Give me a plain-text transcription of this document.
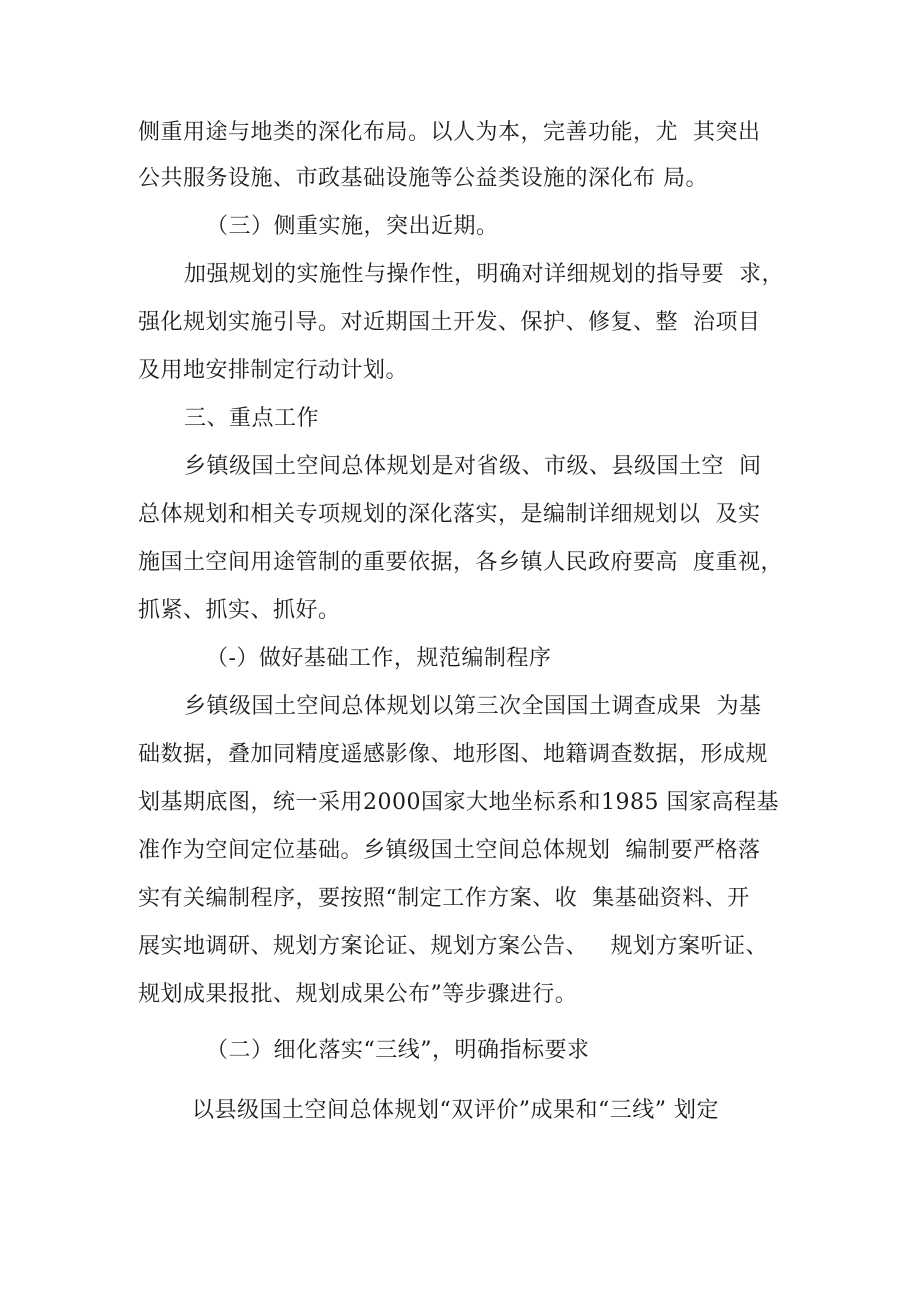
侧重用途与地类的深化布局。以人为本，完善功能，尤  其突出

公共服务设施、市政基础设施等公益类设施的深化布 局。

（三）侧重实施，突出近期。

加强规划的实施性与操作性，明确对详细规划的指导要  求，

强化规划实施引导。对近期国土开发、保护、修复、整  治项目

及用地安排制定行动计划。

三、重点工作

乡镇级国土空间总体规划是对省级、市级、县级国土空  间

总体规划和相关专项规划的深化落实，是编制详细规划以  及实

施国土空间用途管制的重要依据，各乡镇人民政府要高  度重视，

抓紧、抓实、抓好。

（-）做好基础工作，规范编制程序

乡镇级国土空间总体规划以第三次全国国土调查成果  为基

础数据，叠加同精度遥感影像、地形图、地籍调查数据，形成规

划基期底图，统一采用2000国家大地坐标系和1985 国家高程基

准作为空间定位基础。乡镇级国土空间总体规划  编制要严格落

实有关编制程序，要按照“制定工作方案、收  集基础资料、开

展实地调研、规划方案论证、规划方案公告、   规划方案听证、

规划成果报批、规划成果公布”等步骤进行。

（二）细化落实“三线”，明确指标要求

以县级国土空间总体规划“双评价”成果和“三线” 划定
